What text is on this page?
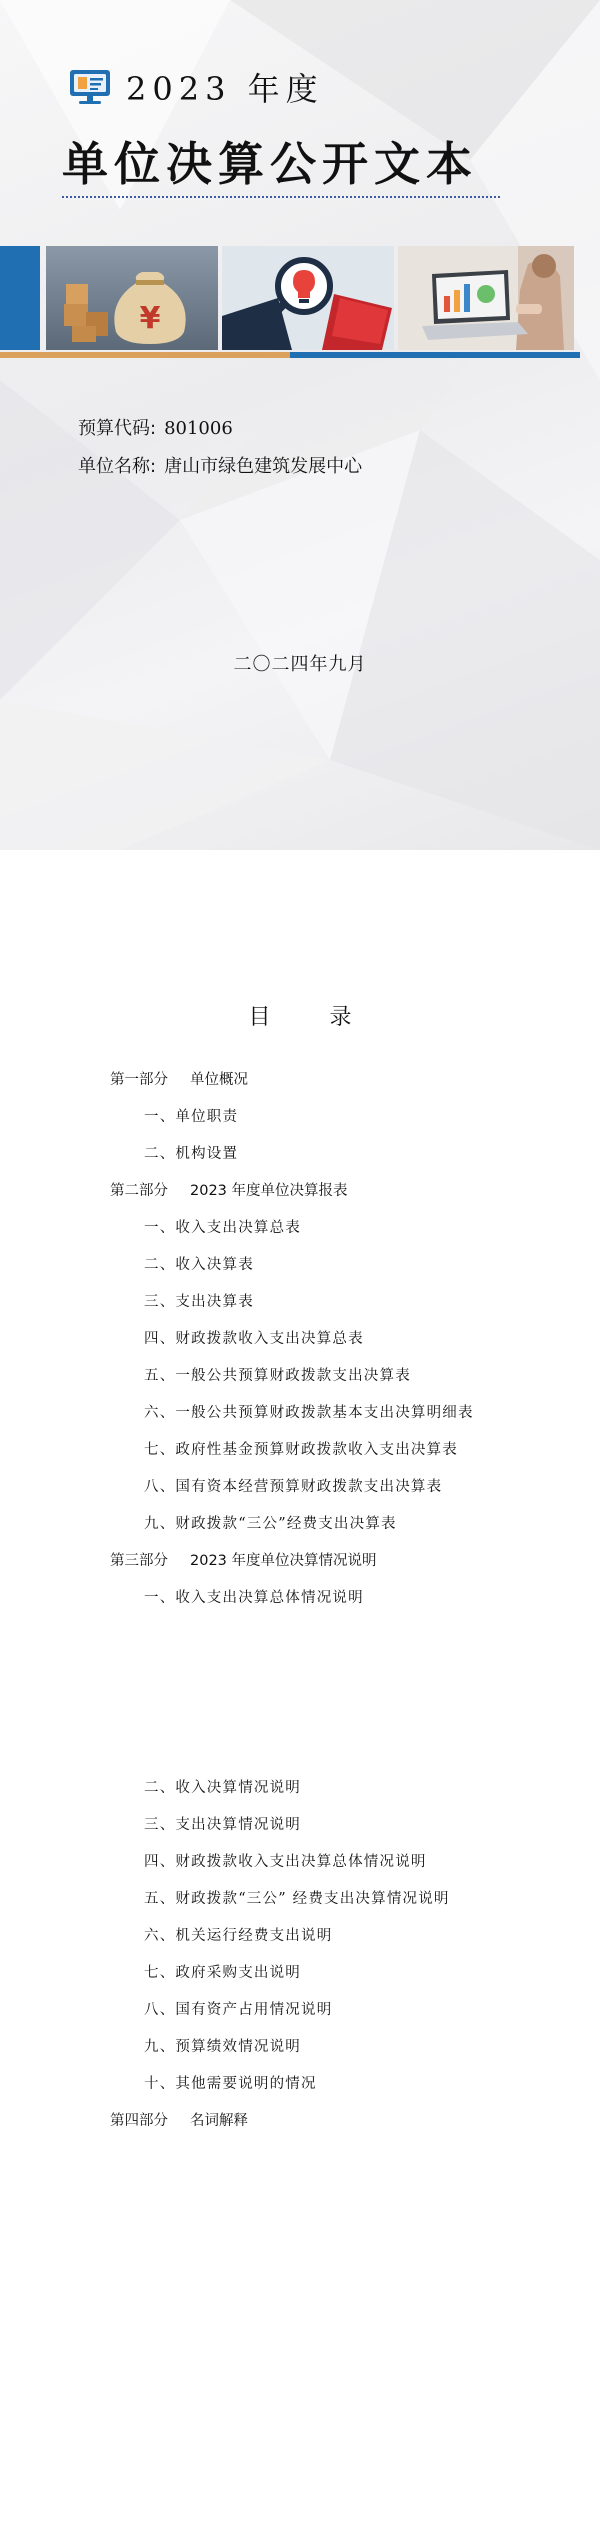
2023 年度
单位决算公开文本
¥
预算代码: 801006
单位名称: 唐山市绿色建筑发展中心
二〇二四年九月
目 录
第一部分 单位概况
一、单位职责
二、机构设置
第二部分 2023 年度单位决算报表
一、收入支出决算总表
二、收入决算表
三、支出决算表
四、财政拨款收入支出决算总表
五、一般公共预算财政拨款支出决算表
六、一般公共预算财政拨款基本支出决算明细表
七、政府性基金预算财政拨款收入支出决算表
八、国有资本经营预算财政拨款支出决算表
九、财政拨款“三公”经费支出决算表
第三部分 2023 年度单位决算情况说明
一、收入支出决算总体情况说明
二、收入决算情况说明
三、支出决算情况说明
四、财政拨款收入支出决算总体情况说明
五、财政拨款“三公” 经费支出决算情况说明
六、机关运行经费支出说明
七、政府采购支出说明
八、国有资产占用情况说明
九、预算绩效情况说明
十、其他需要说明的情况
第四部分 名词解释
